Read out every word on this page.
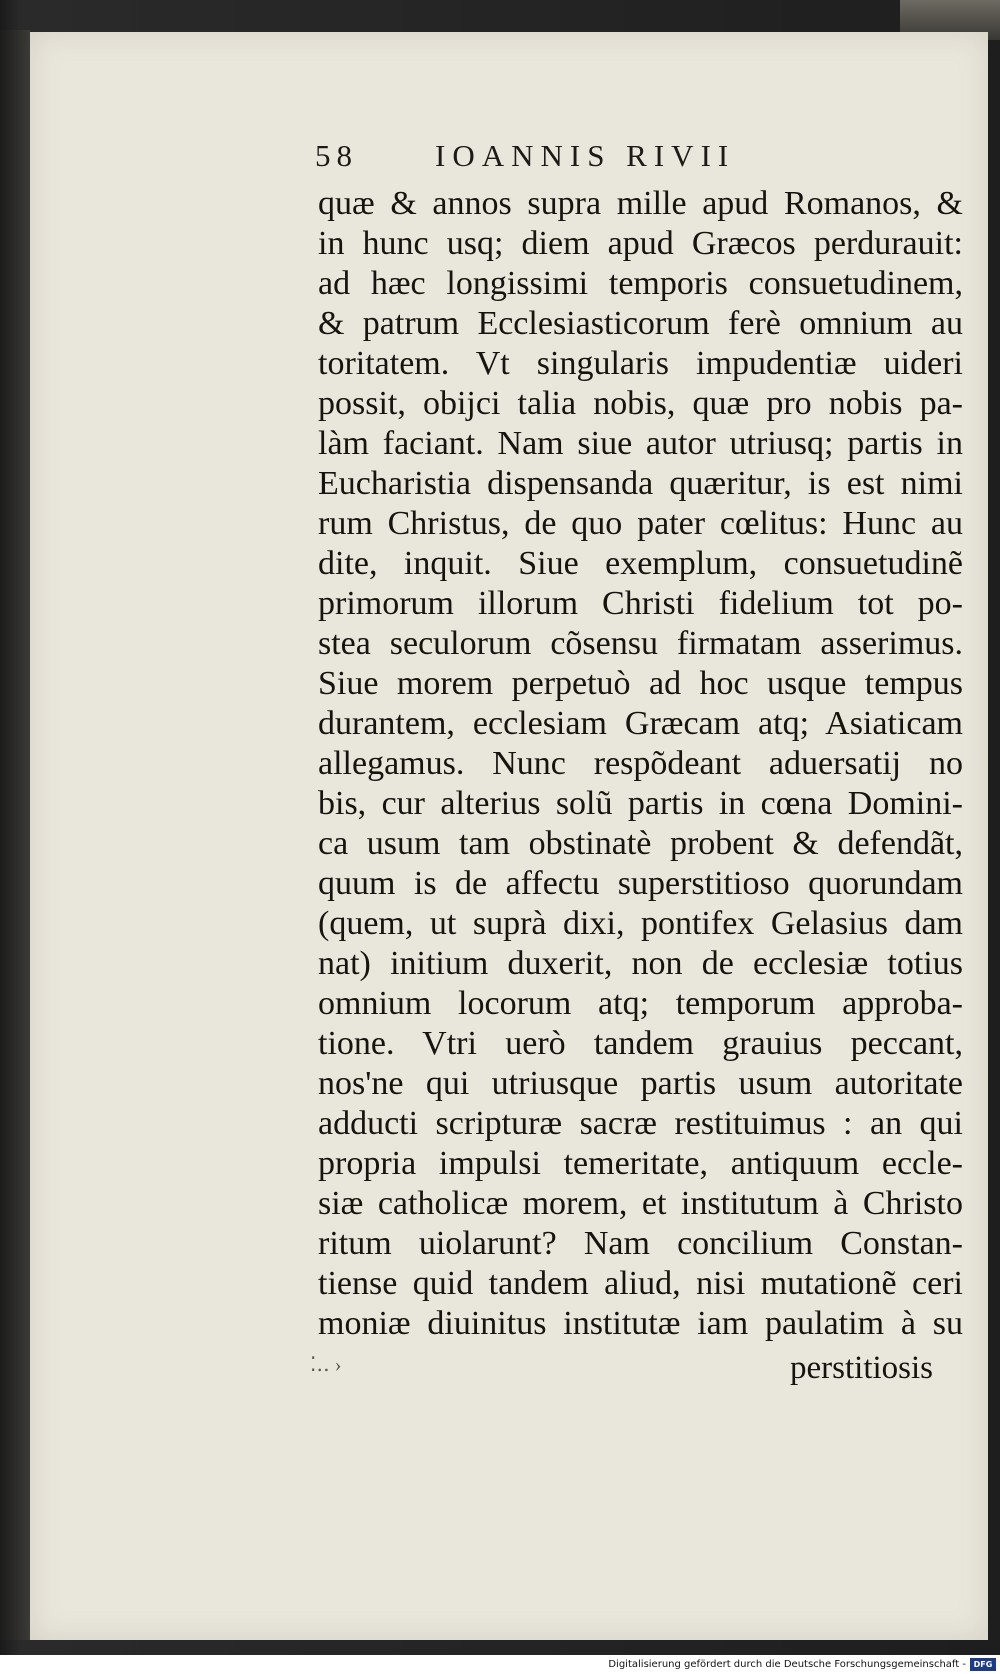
58	IOANNIS RIVII
quæ & annos supra mille apud Romanos, &
in hunc usq; diem apud Græcos perdurauit:
ad hæc longissimi temporis consuetudinem,
& patrum Ecclesiasticorum ferè omnium au
toritatem. Vt singularis impudentiæ uideri
possit, obijci talia nobis, quæ pro nobis pa-
làm faciant. Nam siue autor utriusq; partis in
Eucharistia dispensanda quæritur, is est nimi
rum Christus, de quo pater cœlitus: Hunc au
dite, inquit. Siue exemplum, consuetudinẽ
primorum illorum Christi fidelium tot po-
stea seculorum cõsensu firmatam asserimus.
Siue morem perpetuò ad hoc usque tempus
durantem, ecclesiam Græcam atq; Asiaticam
allegamus. Nunc respõdeant aduersatij no
bis, cur alterius solũ partis in cœna Domini-
ca usum tam obstinatè probent & defendãt,
quum is de affectu superstitioso quorundam
(quem, ut suprà dixi, pontifex Gelasius dam
nat) initium duxerit, non de ecclesiæ totius
omnium locorum atq; temporum approba-
tione. Vtri uerò tandem grauius peccant,
nos'ne qui utriusque partis usum autoritate
adducti scripturæ sacræ restituimus : an qui
propria impulsi temeritate, antiquum eccle-
siæ catholicæ morem, et institutum à Christo
ritum uiolarunt? Nam concilium Constan-
tiense quid tandem aliud, nisi mutationẽ ceri
moniæ diuinitus institutæ iam paulatim à su
⁚‥ ›	perstitiosis
Digitalisierung gefördert durch die Deutsche Forschungsgemeinschaft - DFG
